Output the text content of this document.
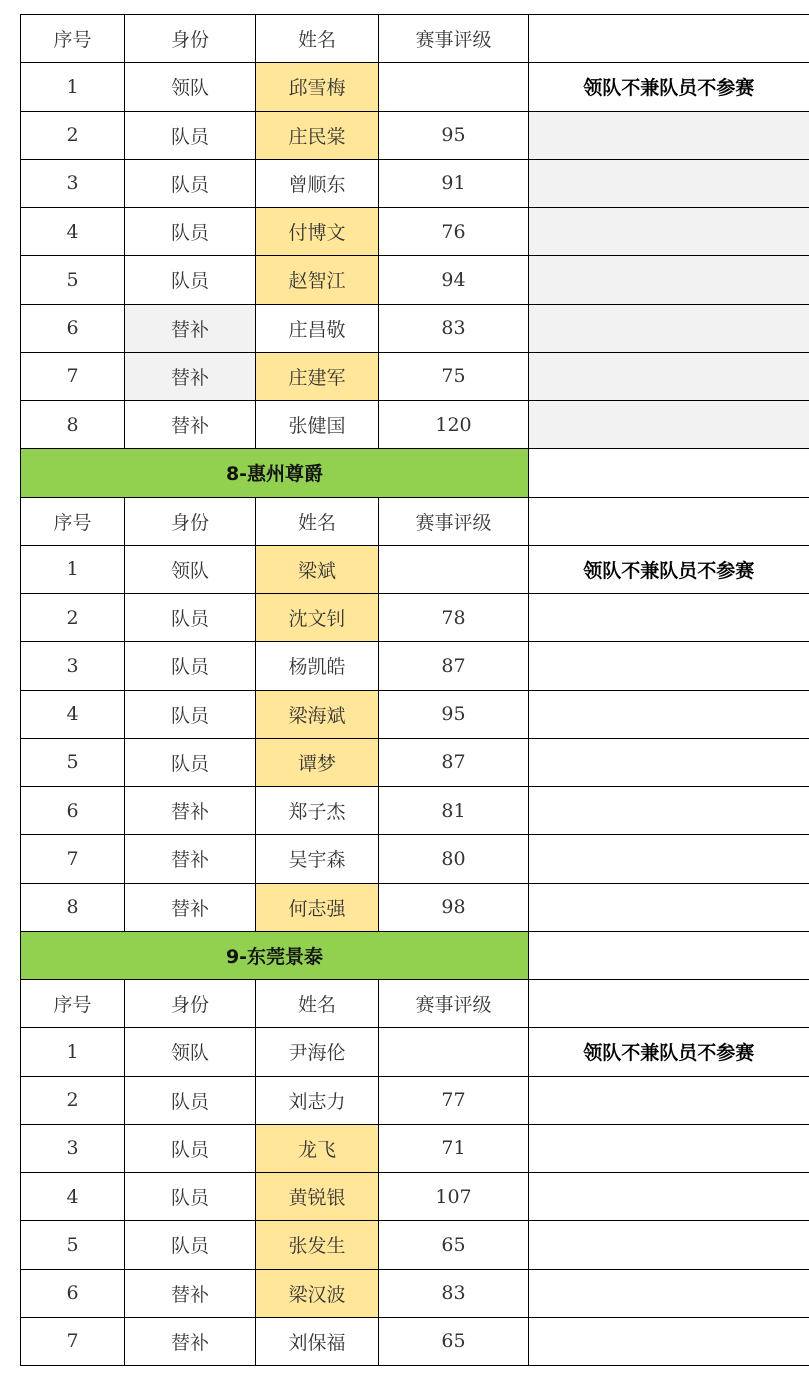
序号	身份	姓名	赛事评级	
1	领队	邱雪梅		领队不兼队员不参赛
2	队员	庄民棠	95	
3	队员	曾顺东	91	
4	队员	付博文	76	
5	队员	赵智江	94	
6	替补	庄昌敬	83	
7	替补	庄建军	75	
8	替补	张健国	120	
8-惠州尊爵				
序号	身份	姓名	赛事评级	
1	领队	梁斌		领队不兼队员不参赛
2	队员	沈文钊	78	
3	队员	杨凯皓	87	
4	队员	梁海斌	95	
5	队员	谭梦	87	
6	替补	郑子杰	81	
7	替补	吴宇森	80	
8	替补	何志强	98	
9-东莞景泰				
序号	身份	姓名	赛事评级	
1	领队	尹海伦		领队不兼队员不参赛
2	队员	刘志力	77	
3	队员	龙飞	71	
4	队员	黄锐银	107	
5	队员	张发生	65	
6	替补	梁汉波	83	
7	替补	刘保福	65	
